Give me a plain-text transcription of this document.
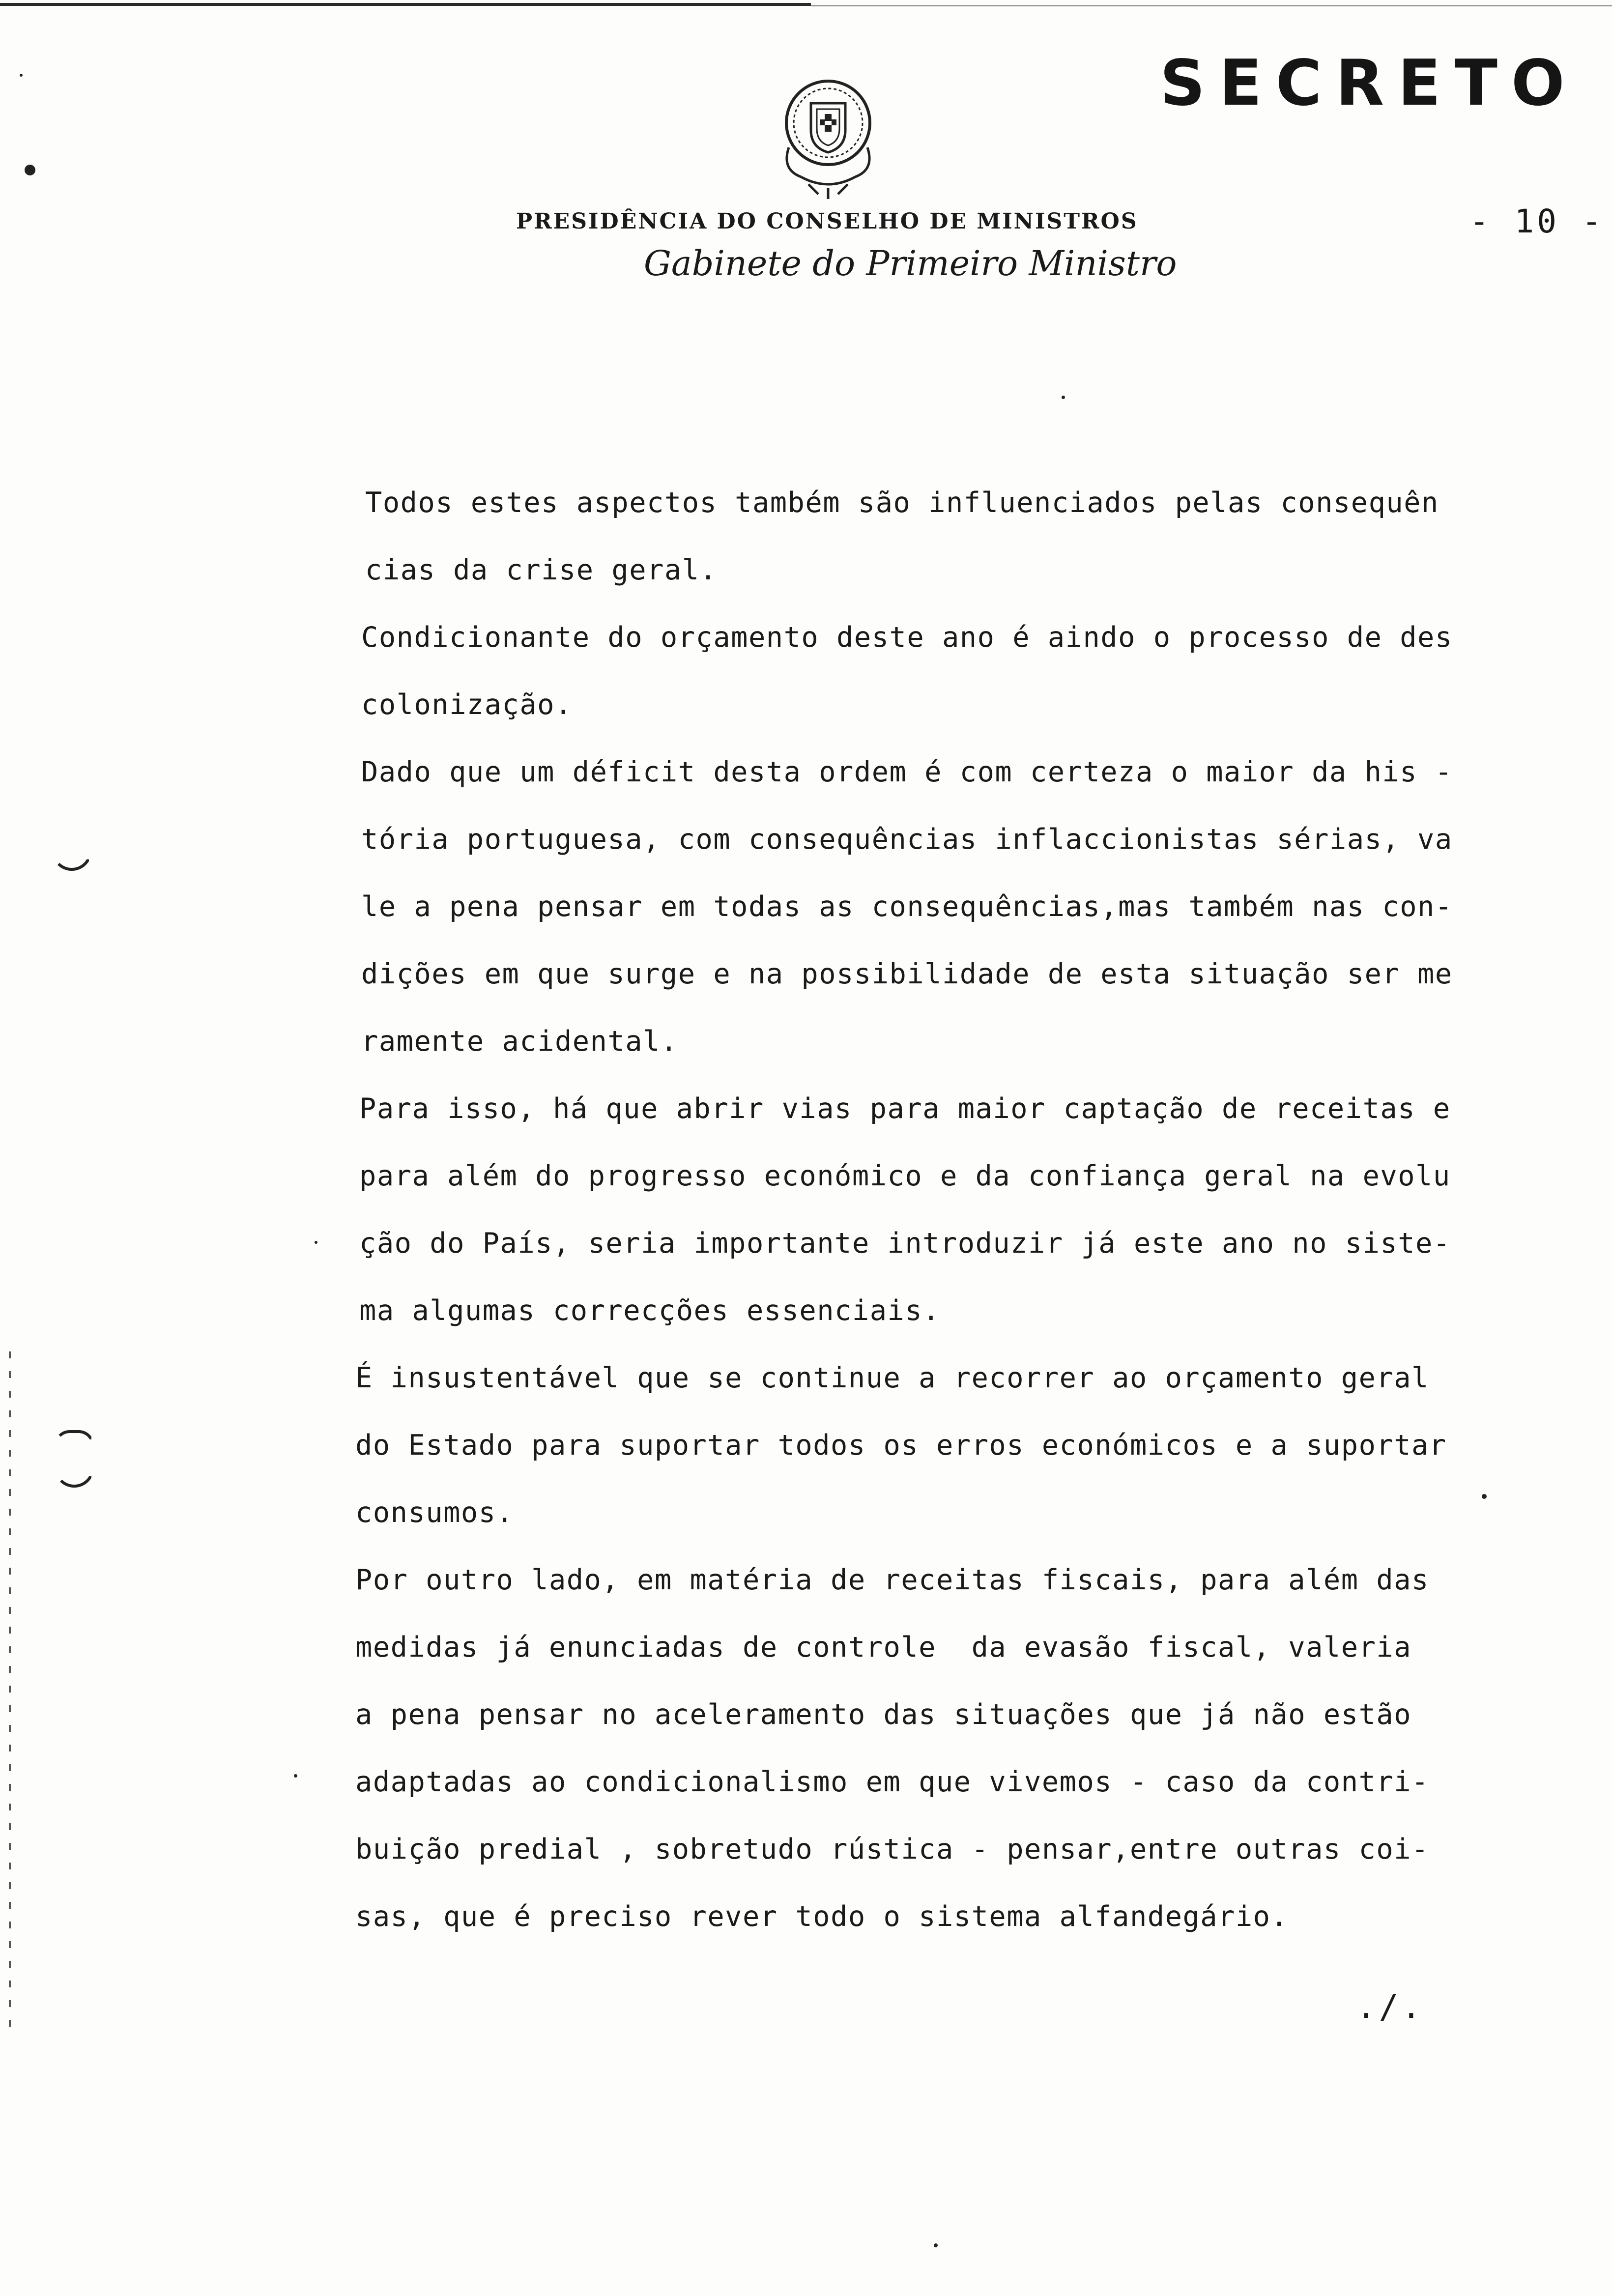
SECRETO
PRESIDÊNCIA DO CONSELHO DE MINISTROS
Gabinete do Primeiro Ministro
- 10 -
Todos estes aspectos também são influenciados pelas consequên
cias da crise geral.
Condicionante do orçamento deste ano é aindo o processo de des
colonização.
Dado que um déficit desta ordem é com certeza o maior da his -
tória portuguesa, com consequências inflaccionistas sérias, va
le a pena pensar em todas as consequências,mas também nas con-
dições em que surge e na possibilidade de esta situação ser me
ramente acidental.
Para isso, há que abrir vias para maior captação de receitas e
para além do progresso económico e da confiança geral na evolu
ção do País, seria importante introduzir já este ano no siste-
ma algumas correcções essenciais.
É insustentável que se continue a recorrer ao orçamento geral
do Estado para suportar todos os erros económicos e a suportar
consumos.
Por outro lado, em matéria de receitas fiscais, para além das
medidas já enunciadas de controle  da evasão fiscal, valeria
a pena pensar no aceleramento das situações que já não estão
adaptadas ao condicionalismo em que vivemos - caso da contri-
buição predial , sobretudo rústica - pensar,entre outras coi-
sas, que é preciso rever todo o sistema alfandegário.
./.
